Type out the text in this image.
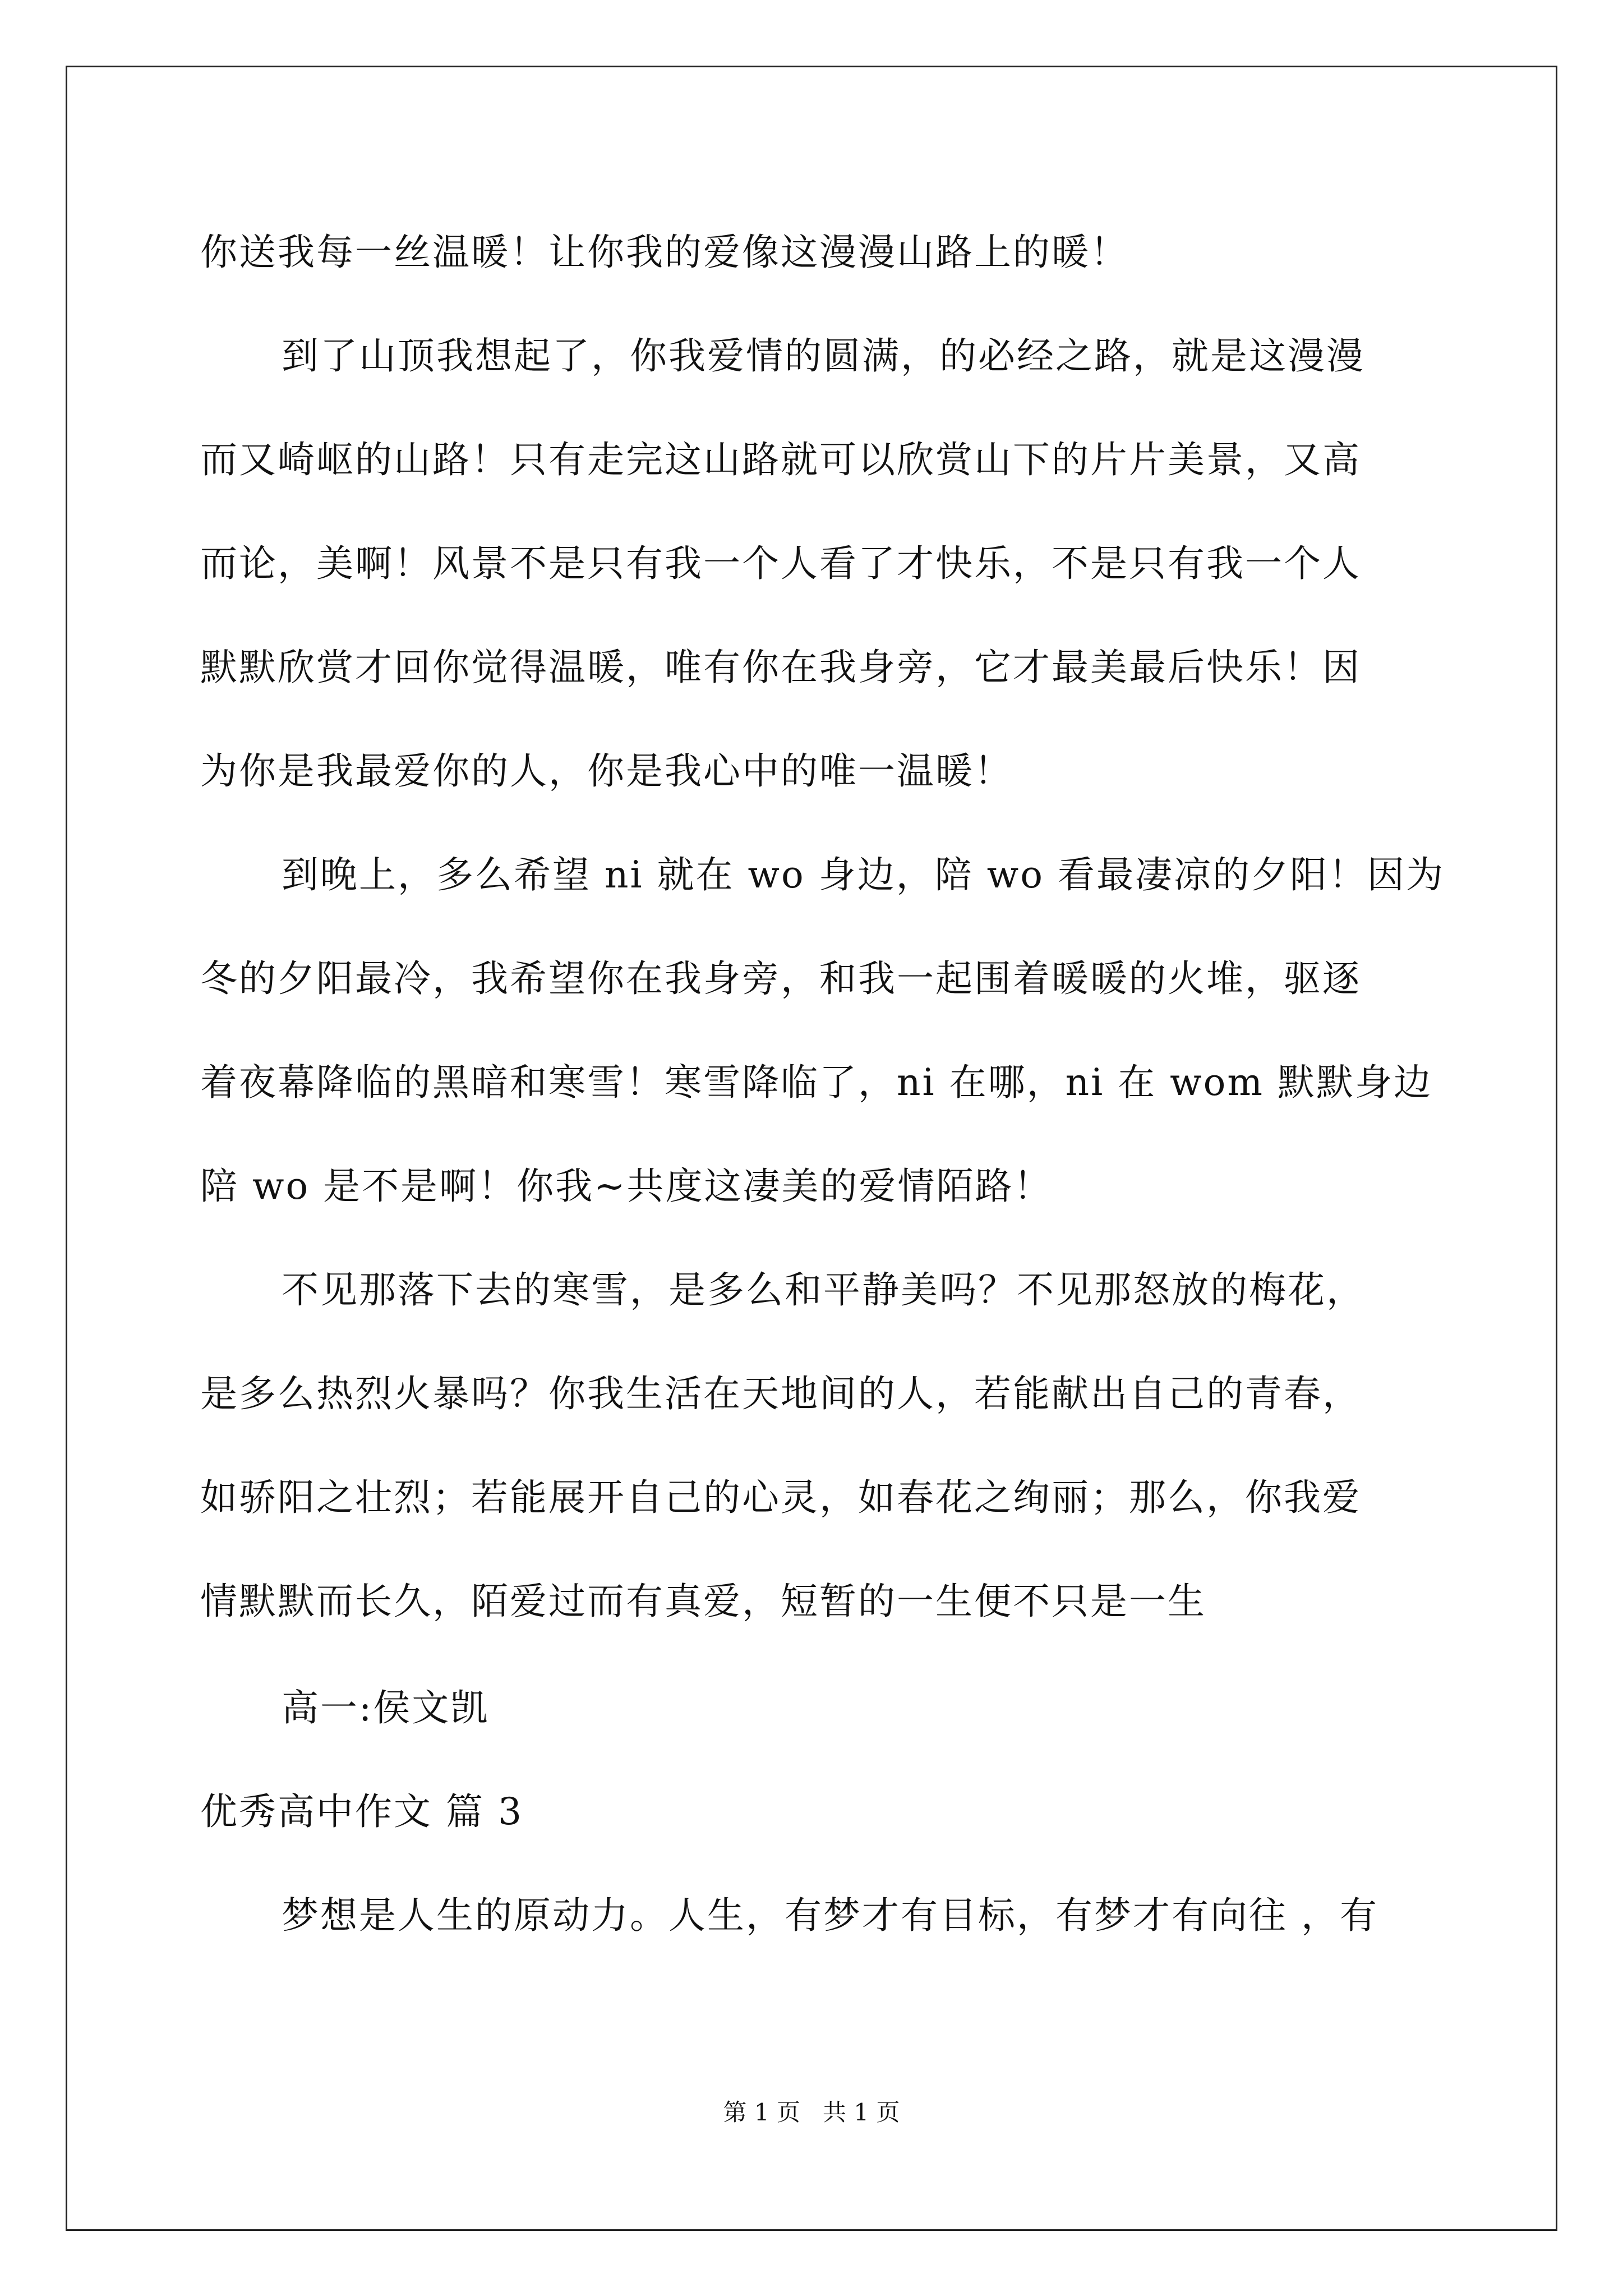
你送我每一丝温暖！让你我的爱像这漫漫山路上的暖！
到了山顶我想起了，你我爱情的圆满，的必经之路，就是这漫漫
而又崎岖的山路！只有走完这山路就可以欣赏山下的片片美景，又高
而论，美啊！风景不是只有我一个人看了才快乐，不是只有我一个人
默默欣赏才回你觉得温暖，唯有你在我身旁，它才最美最后快乐！因
为你是我最爱你的人，你是我心中的唯一温暖！
到晚上，多么希望 ni 就在 wo 身边，陪 wo 看最凄凉的夕阳！因为
冬的夕阳最冷，我希望你在我身旁，和我一起围着暖暖的火堆，驱逐
着夜幕降临的黑暗和寒雪！寒雪降临了，ni 在哪，ni 在 wom 默默身边
陪 wo 是不是啊！你我~共度这凄美的爱情陌路！
不见那落下去的寒雪，是多么和平静美吗？不见那怒放的梅花，
是多么热烈火暴吗？你我生活在天地间的人，若能献出自己的青春，
如骄阳之壮烈；若能展开自己的心灵，如春花之绚丽；那么，你我爱
情默默而长久，陌爱过而有真爱，短暂的一生便不只是一生
高一:侯文凯
优秀高中作文 篇 3
梦想是人生的原动力。人生，有梦才有目标，有梦才有向往 ，有
第 1 页   共 1 页
